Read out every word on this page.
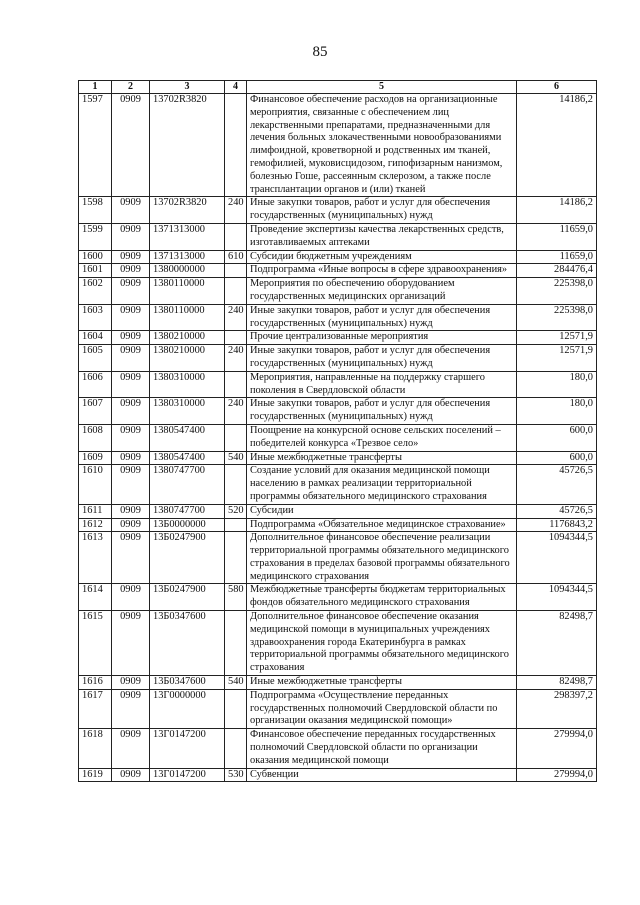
85
1	2	3	4	5	6
1597	0909	13702R3820		Финансовое обеспечение расходов на организационные мероприятия, связанные с обеспечением лиц лекарственными препаратами, предназначенными для лечения больных злокачественными новообразованиями лимфоидной, кроветворной и родственных им тканей, гемофилией, муковисцидозом, гипофизарным нанизмом, болезнью Гоше, рассеянным склерозом, а также после трансплантации органов и (или) тканей	14186,2
1598	0909	13702R3820	240	Иные закупки товаров, работ и услуг для обеспечения государственных (муниципальных) нужд	14186,2
1599	0909	1371313000		Проведение экспертизы качества лекарственных средств, изготавливаемых аптеками	11659,0
1600	0909	1371313000	610	Субсидии бюджетным учреждениям	11659,0
1601	0909	1380000000		Подпрограмма «Иные вопросы в сфере здравоохранения»	284476,4
1602	0909	1380110000		Мероприятия по обеспечению оборудованием государственных медицинских организаций	225398,0
1603	0909	1380110000	240	Иные закупки товаров, работ и услуг для обеспечения государственных (муниципальных) нужд	225398,0
1604	0909	1380210000		Прочие централизованные мероприятия	12571,9
1605	0909	1380210000	240	Иные закупки товаров, работ и услуг для обеспечения государственных (муниципальных) нужд	12571,9
1606	0909	1380310000		Мероприятия, направленные на поддержку старшего поколения в Свердловской области	180,0
1607	0909	1380310000	240	Иные закупки товаров, работ и услуг для обеспечения государственных (муниципальных) нужд	180,0
1608	0909	1380547400		Поощрение на конкурсной основе сельских поселений – победителей конкурса «Трезвое село»	600,0
1609	0909	1380547400	540	Иные межбюджетные трансферты	600,0
1610	0909	1380747700		Создание условий для оказания медицинской помощи населению в рамках реализации территориальной программы обязательного медицинского страхования	45726,5
1611	0909	1380747700	520	Субсидии	45726,5
1612	0909	13Б0000000		Подпрограмма «Обязательное медицинское страхование»	1176843,2
1613	0909	13Б0247900		Дополнительное финансовое обеспечение реализации территориальной программы обязательного медицинского страхования в пределах базовой программы обязательного медицинского страхования	1094344,5
1614	0909	13Б0247900	580	Межбюджетные трансферты бюджетам территориальных фондов обязательного медицинского страхования	1094344,5
1615	0909	13Б0347600		Дополнительное финансовое обеспечение оказания медицинской помощи в муниципальных учреждениях здравоохранения города Екатеринбурга в рамках территориальной программы обязательного медицинского страхования	82498,7
1616	0909	13Б0347600	540	Иные межбюджетные трансферты	82498,7
1617	0909	13Г0000000		Подпрограмма «Осуществление переданных государственных полномочий Свердловской области по организации оказания медицинской помощи»	298397,2
1618	0909	13Г0147200		Финансовое обеспечение переданных государственных полномочий Свердловской области по организации оказания медицинской помощи	279994,0
1619	0909	13Г0147200	530	Субвенции	279994,0
